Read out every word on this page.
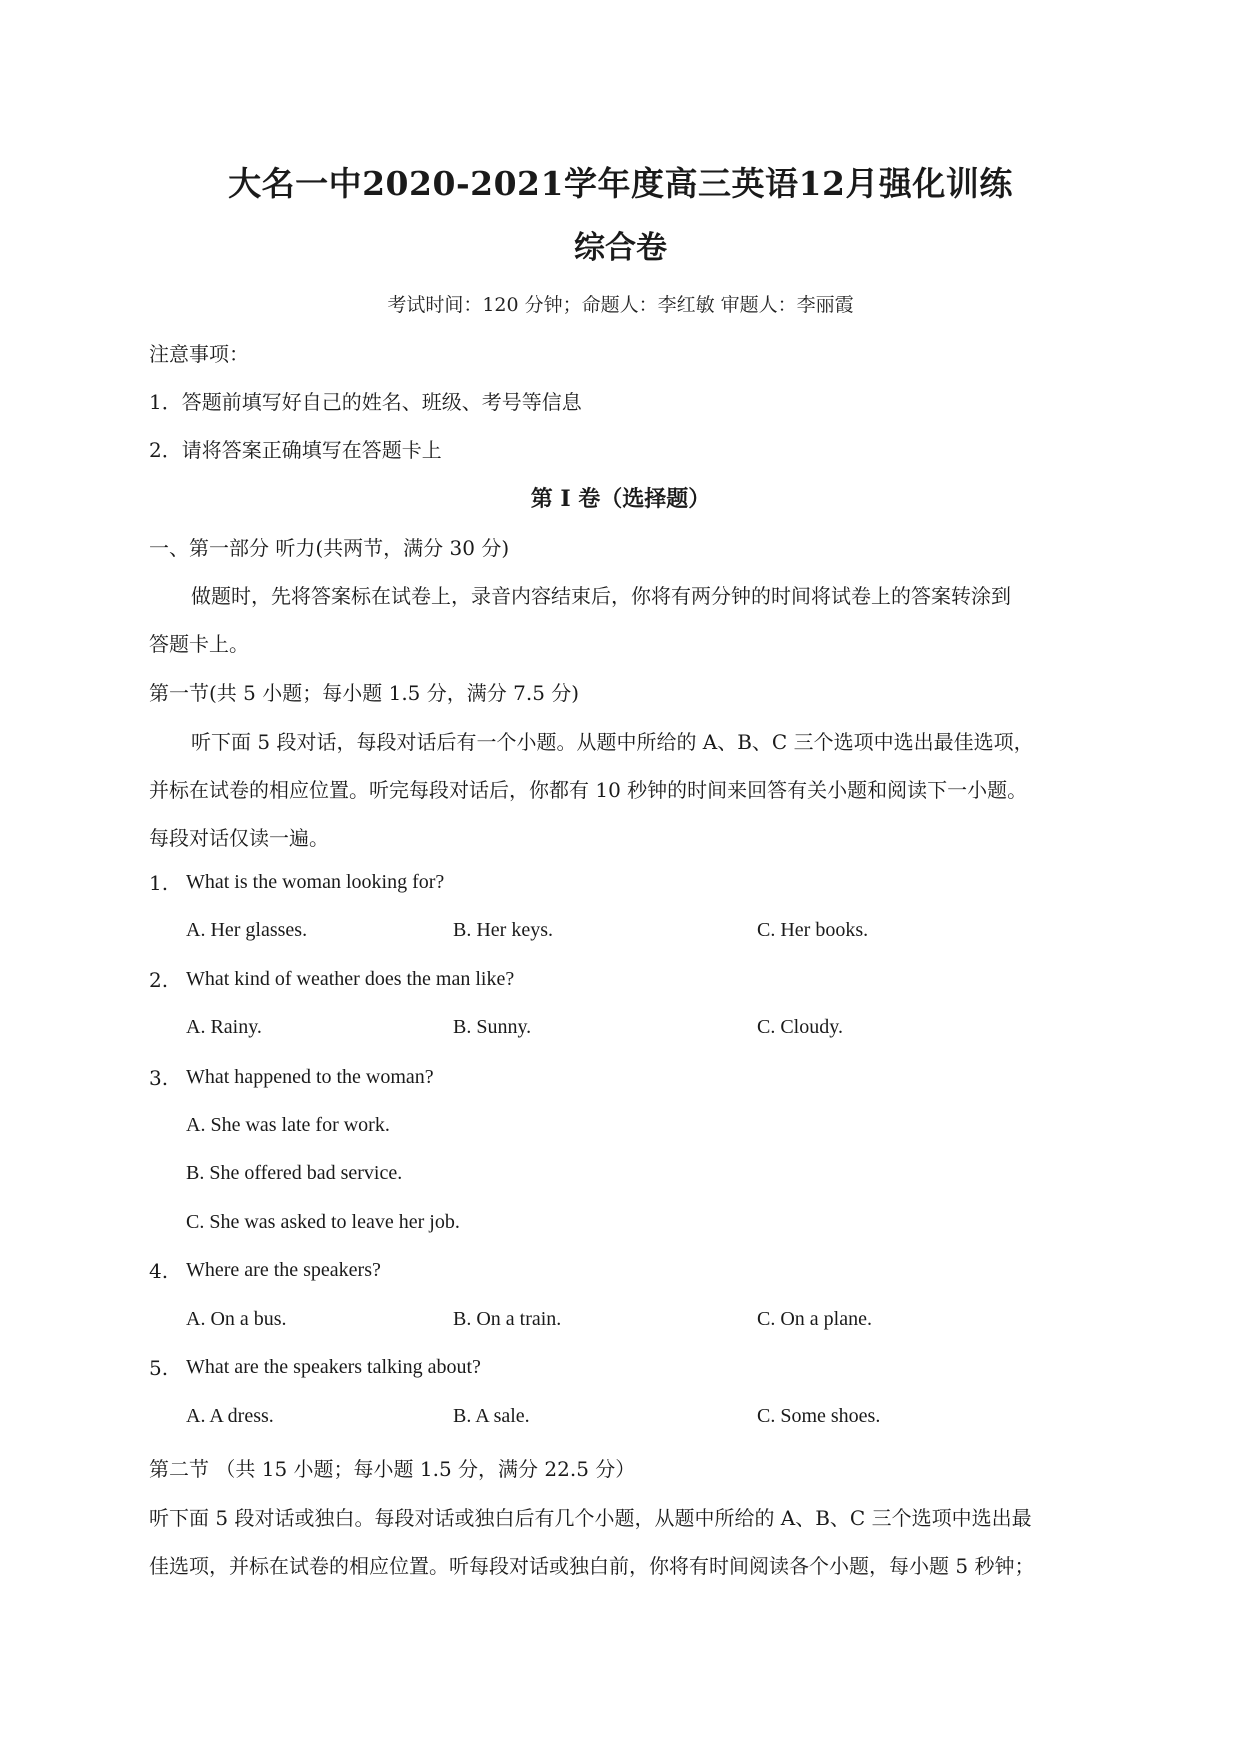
大名一中2020-2021学年度高三英语12月强化训练
综合卷
考试时间：120 分钟；命题人：李红敏 审题人：李丽霞
注意事项：
1．答题前填写好自己的姓名、班级、考号等信息
2．请将答案正确填写在答题卡上
第 I 卷（选择题）
一、第一部分 听力(共两节，满分 30 分)
做题时，先将答案标在试卷上，录音内容结束后，你将有两分钟的时间将试卷上的答案转涂到
答题卡上。
第一节(共 5 小题；每小题 1.5 分，满分 7.5 分)
听下面 5 段对话，每段对话后有一个小题。从题中所给的 A、B、C 三个选项中选出最佳选项，
并标在试卷的相应位置。听完每段对话后，你都有 10 秒钟的时间来回答有关小题和阅读下一小题。
每段对话仅读一遍。
1. What is the woman looking for?
A. Her glasses.	B. Her keys.	C. Her books.
2. What kind of weather does the man like?
A. Rainy.	B. Sunny.	C. Cloudy.
3. What happened to the woman?
A. She was late for work.
B. She offered bad service.
C. She was asked to leave her job.
4. Where are the speakers?
A. On a bus.	B. On a train.	C. On a plane.
5. What are the speakers talking about?
A. A dress.	B. A sale.	C. Some shoes.
第二节 （共 15 小题；每小题 1.5 分，满分 22.5 分）
听下面 5 段对话或独白。每段对话或独白后有几个小题，从题中所给的 A、B、C 三个选项中选出最
佳选项，并标在试卷的相应位置。听每段对话或独白前，你将有时间阅读各个小题，每小题 5 秒钟；
